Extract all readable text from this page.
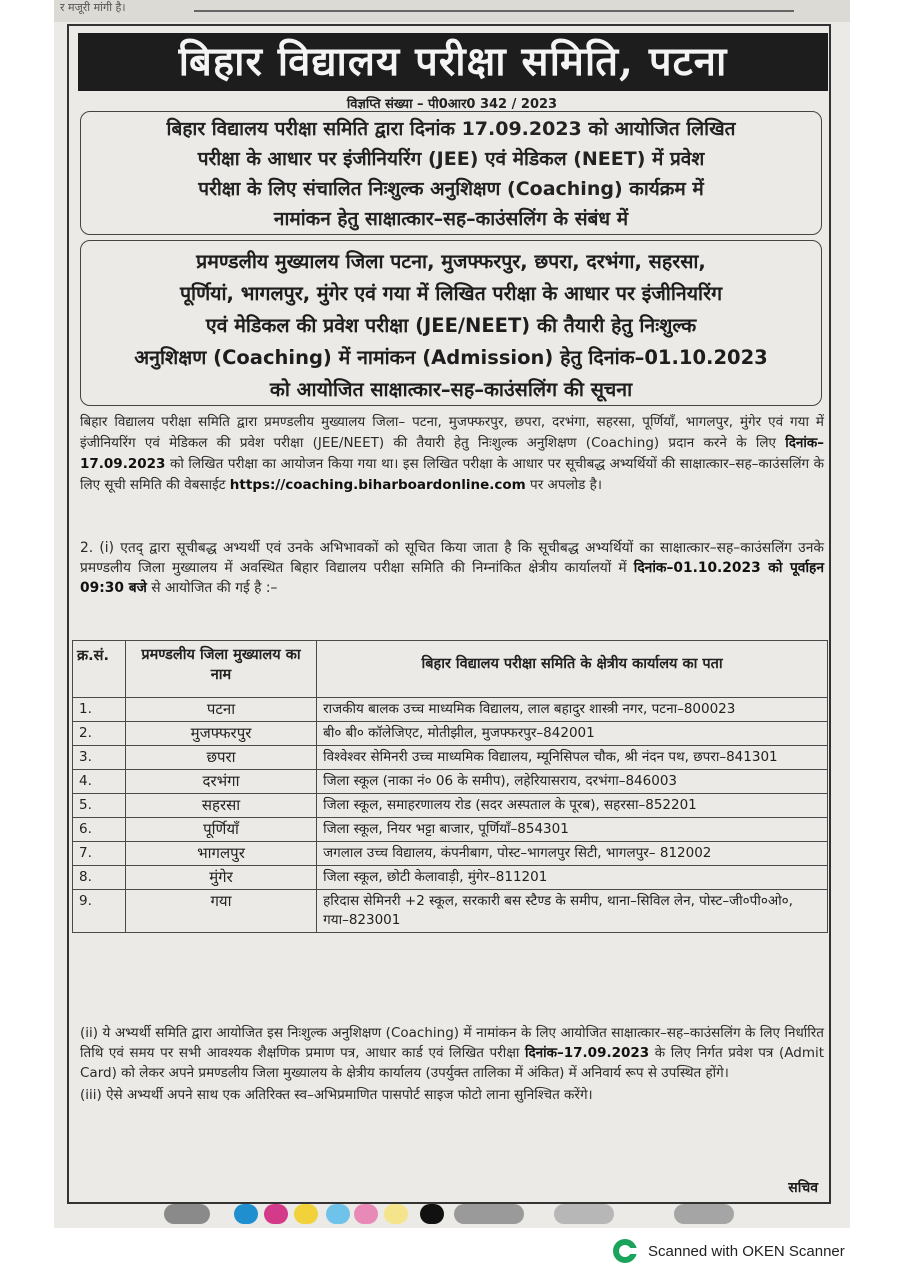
र मजूरी मांगी है।
बिहार विद्यालय परीक्षा समिति, पटना
विज्ञप्ति संख्या – पी0आर0 342 / 2023
बिहार विद्यालय परीक्षा समिति द्वारा दिनांक 17.09.2023 को आयोजित लिखित
परीक्षा के आधार पर इंजीनियरिंग (JEE) एवं मेडिकल (NEET) में प्रवेश
परीक्षा के लिए संचालित निःशुल्क अनुशिक्षण (Coaching) कार्यक्रम में
नामांकन हेतु साक्षात्कार–सह–काउंसलिंग के संबंध में
प्रमण्डलीय मुख्यालय जिला पटना, मुजफ्फरपुर, छपरा, दरभंगा, सहरसा,
पूर्णियां, भागलपुर, मुंगेर एवं गया में लिखित परीक्षा के आधार पर इंजीनियरिंग
एवं मेडिकल की प्रवेश परीक्षा (JEE/NEET) की तैयारी हेतु निःशुल्क
अनुशिक्षण (Coaching) में नामांकन (Admission) हेतु दिनांक–01.10.2023
को आयोजित साक्षात्कार–सह–काउंसलिंग की सूचना
बिहार विद्यालय परीक्षा समिति द्वारा प्रमण्डलीय मुख्यालय जिला– पटना, मुजफ्फरपुर, छपरा, दरभंगा, सहरसा, पूर्णियाँ, भागलपुर, मुंगेर एवं गया में इंजीनियरिंग एवं मेडिकल की प्रवेश परीक्षा (JEE/NEET) की तैयारी हेतु निःशुल्क अनुशिक्षण (Coaching) प्रदान करने के लिए दिनांक– 17.09.2023 को लिखित परीक्षा का आयोजन किया गया था। इस लिखित परीक्षा के आधार पर सूचीबद्ध अभ्यर्थियों की साक्षात्कार–सह–काउंसलिंग के लिए सूची समिति की वेबसाईट https://coaching.biharboardonline.com पर अपलोड है।
2. (i) एतद् द्वारा सूचीबद्ध अभ्यर्थी एवं उनके अभिभावकों को सूचित किया जाता है कि सूचीबद्ध अभ्यर्थियों का साक्षात्कार–सह–काउंसलिंग उनके प्रमण्डलीय जिला मुख्यालय में अवस्थित बिहार विद्यालय परीक्षा समिति की निम्नांकित क्षेत्रीय कार्यालयों में दिनांक–01.10.2023 को पूर्वाहन 09:30 बजे से आयोजित की गई है :–
क्र.सं.	प्रमण्डलीय जिला मुख्यालय का नाम	बिहार विद्यालय परीक्षा समिति के क्षेत्रीय कार्यालय का पता
1.	पटना	राजकीय बालक उच्च माध्यमिक विद्यालय, लाल बहादुर शास्त्री नगर, पटना–800023
2.	मुजफ्फरपुर	बी० बी० कॉलेजिएट, मोतीझील, मुजफ्फरपुर–842001
3.	छपरा	विश्वेश्वर सेमिनरी उच्च माध्यमिक विद्यालय, म्यूनिसिपल चौक, श्री नंदन पथ, छपरा–841301
4.	दरभंगा	जिला स्कूल (नाका नं० 06 के समीप), लहेरियासराय, दरभंगा–846003
5.	सहरसा	जिला स्कूल, समाहरणालय रोड (सदर अस्पताल के पूरब), सहरसा–852201
6.	पूर्णियाँ	जिला स्कूल, नियर भट्टा बाजार, पूर्णियाँ–854301
7.	भागलपुर	जगलाल उच्च विद्यालय, कंपनीबाग, पोस्ट–भागलपुर सिटी, भागलपुर– 812002
8.	मुंगेर	जिला स्कूल, छोटी केलावाड़ी, मुंगेर–811201
9.	गया	हरिदास सेमिनरी +2 स्कूल, सरकारी बस स्टैण्ड के समीप, थाना–सिविल लेन, पोस्ट–जी०पी०ओ०, गया–823001
(ii) ये अभ्यर्थी समिति द्वारा आयोजित इस निःशुल्क अनुशिक्षण (Coaching) में नामांकन के लिए आयोजित साक्षात्कार–सह–काउंसलिंग के लिए निर्धारित तिथि एवं समय पर सभी आवश्यक शैक्षणिक प्रमाण पत्र, आधार कार्ड एवं लिखित परीक्षा दिनांक–17.09.2023 के लिए निर्गत प्रवेश पत्र (Admit Card) को लेकर अपने प्रमण्डलीय जिला मुख्यालय के क्षेत्रीय कार्यालय (उपर्युक्त तालिका में अंकित) में अनिवार्य रूप से उपस्थित होंगे।
(iii) ऐसे अभ्यर्थी अपने साथ एक अतिरिक्त स्व–अभिप्रमाणित पासपोर्ट साइज फोटो लाना सुनिश्चित करेंगे।
सचिव
Scanned with OKEN Scanner
